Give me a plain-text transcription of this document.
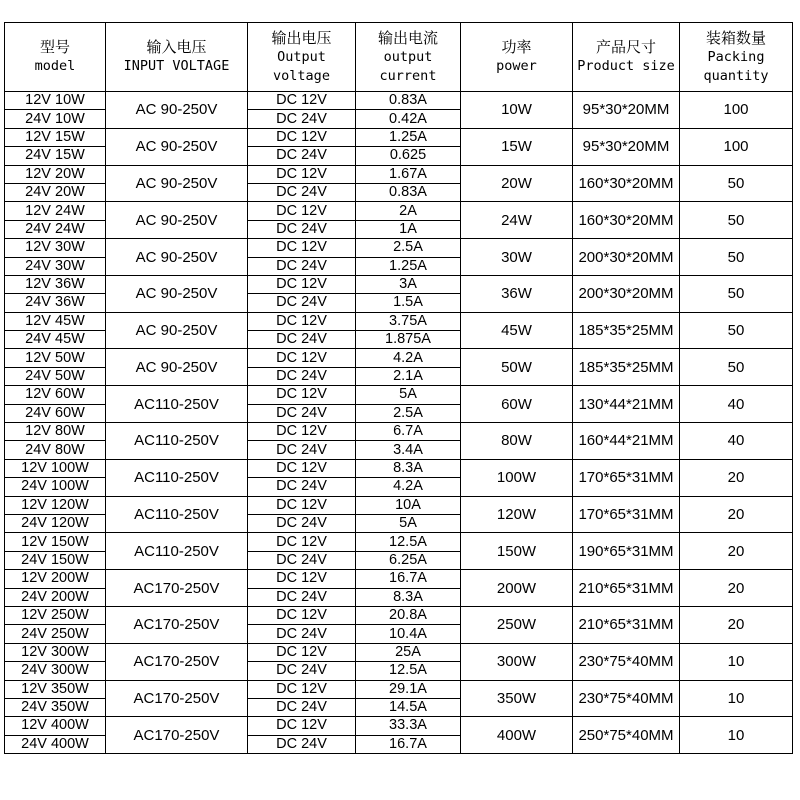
型号
model	输入电压
INPUT VOLTAGE	输出电压
Output
voltage	输出电流
output
current	功率
power	产品尺寸
Product size	装箱数量
Packing
quantity

12V 10W	AC 90-250V	DC 12V	0.83A	10W	95*30*20MM	100
24V 10W		DC 24V	0.42A			
12V 15W	AC 90-250V	DC 12V	1.25A	15W	95*30*20MM	100
24V 15W		DC 24V	0.625			
12V 20W	AC 90-250V	DC 12V	1.67A	20W	160*30*20MM	50
24V 20W		DC 24V	0.83A			
12V 24W	AC 90-250V	DC 12V	2A	24W	160*30*20MM	50
24V 24W		DC 24V	1A			
12V 30W	AC 90-250V	DC 12V	2.5A	30W	200*30*20MM	50
24V 30W		DC 24V	1.25A			
12V 36W	AC 90-250V	DC 12V	3A	36W	200*30*20MM	50
24V 36W		DC 24V	1.5A			
12V 45W	AC 90-250V	DC 12V	3.75A	45W	185*35*25MM	50
24V 45W		DC 24V	1.875A			
12V 50W	AC 90-250V	DC 12V	4.2A	50W	185*35*25MM	50
24V 50W		DC 24V	2.1A			
12V 60W	AC110-250V	DC 12V	5A	60W	130*44*21MM	40
24V 60W		DC 24V	2.5A			
12V 80W	AC110-250V	DC 12V	6.7A	80W	160*44*21MM	40
24V 80W		DC 24V	3.4A			
12V 100W	AC110-250V	DC 12V	8.3A	100W	170*65*31MM	20
24V 100W		DC 24V	4.2A			
12V 120W	AC110-250V	DC 12V	10A	120W	170*65*31MM	20
24V 120W		DC 24V	5A			
12V 150W	AC110-250V	DC 12V	12.5A	150W	190*65*31MM	20
24V 150W		DC 24V	6.25A			
12V 200W	AC170-250V	DC 12V	16.7A	200W	210*65*31MM	20
24V 200W		DC 24V	8.3A			
12V 250W	AC170-250V	DC 12V	20.8A	250W	210*65*31MM	20
24V 250W		DC 24V	10.4A			
12V 300W	AC170-250V	DC 12V	25A	300W	230*75*40MM	10
24V 300W		DC 24V	12.5A			
12V 350W	AC170-250V	DC 12V	29.1A	350W	230*75*40MM	10
24V 350W		DC 24V	14.5A			
12V 400W	AC170-250V	DC 12V	33.3A	400W	250*75*40MM	10
24V 400W		DC 24V	16.7A			
